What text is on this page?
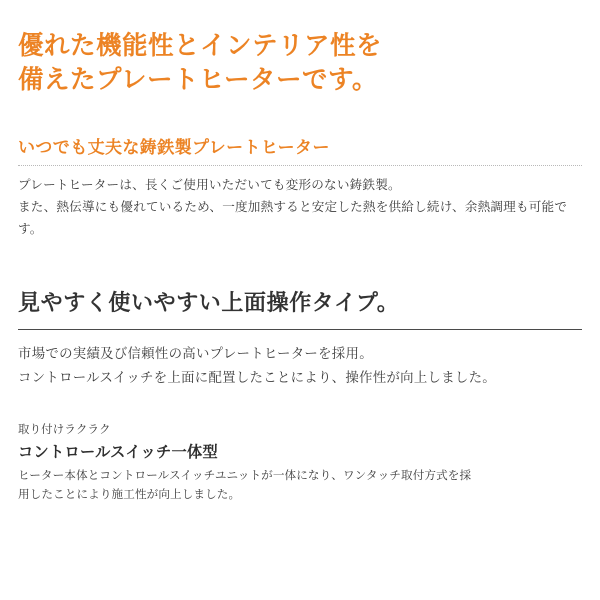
優れた機能性とインテリア性を
備えたプレートヒーターです。
いつでも丈夫な鋳鉄製プレートヒーター

プレートヒーターは、長くご使用いただいても変形のない鋳鉄製。

また、熱伝導にも優れているため、一度加熱すると安定した熱を供給し続け、余熱調理も可能です。

見やすく使いやすい上面操作タイプ。

市場での実績及び信頼性の高いプレートヒーターを採用。

コントロールスイッチを上面に配置したことにより、操作性が向上しました。

取り付けラクラク

コントロールスイッチ一体型

ヒーター本体とコントロールスイッチユニットが一体になり、ワンタッチ取付方式を採

用したことにより施工性が向上しました。
